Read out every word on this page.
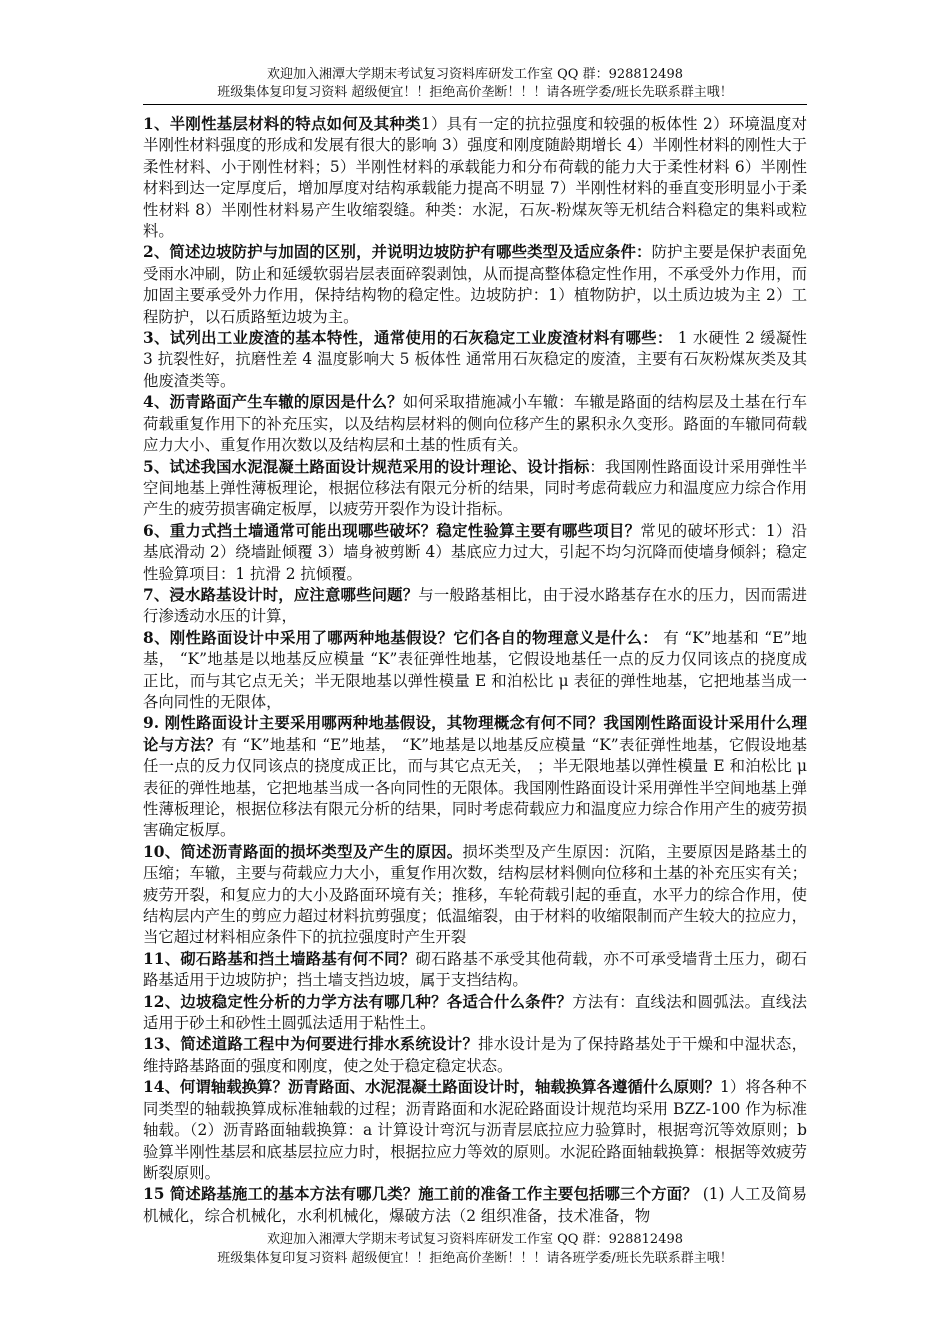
欢迎加入湘潭大学期末考试复习资料库研发工作室 QQ 群：928812498
班级集体复印复习资料 超级便宜！！拒绝高价垄断！！！请各班学委/班长先联系群主哦！

1、半刚性基层材料的特点如何及其种类1）具有一定的抗拉强度和较强的板体性 2）环境温度对半刚性材料强度的形成和发展有很大的影响 3）强度和刚度随龄期增长 4）半刚性材料的刚性大于柔性材料、小于刚性材料；5）半刚性材料的承载能力和分布荷载的能力大于柔性材料 6）半刚性材料到达一定厚度后，增加厚度对结构承载能力提高不明显 7）半刚性材料的垂直变形明显小于柔性材料 8）半刚性材料易产生收缩裂缝。种类：水泥，石灰-粉煤灰等无机结合料稳定的集料或粒料。

2、简述边坡防护与加固的区别，并说明边坡防护有哪些类型及适应条件：防护主要是保护表面免受雨水冲刷，防止和延缓软弱岩层表面碎裂剥蚀，从而提高整体稳定性作用，不承受外力作用，而加固主要承受外力作用，保持结构物的稳定性。边坡防护：1）植物防护，以土质边坡为主 2）工程防护，以石质路堑边坡为主。

3、试列出工业废渣的基本特性，通常使用的石灰稳定工业废渣材料有哪些： 1 水硬性 2 缓凝性 3 抗裂性好，抗磨性差 4 温度影响大 5 板体性 通常用石灰稳定的废渣，主要有石灰粉煤灰类及其他废渣类等。

4、沥青路面产生车辙的原因是什么？如何采取措施减小车辙：车辙是路面的结构层及土基在行车荷载重复作用下的补充压实，以及结构层材料的侧向位移产生的累积永久变形。路面的车辙同荷载应力大小、重复作用次数以及结构层和土基的性质有关。

5、试述我国水泥混凝土路面设计规范采用的设计理论、设计指标：我国刚性路面设计采用弹性半空间地基上弹性薄板理论，根据位移法有限元分析的结果，同时考虑荷载应力和温度应力综合作用产生的疲劳损害确定板厚，以疲劳开裂作为设计指标。

6、重力式挡土墙通常可能出现哪些破坏？稳定性验算主要有哪些项目？常见的破坏形式：1）沿基底滑动 2）绕墙趾倾覆 3）墙身被剪断 4）基底应力过大，引起不均匀沉降而使墙身倾斜；稳定性验算项目：1 抗滑 2 抗倾覆。

7、浸水路基设计时，应注意哪些问题？与一般路基相比，由于浸水路基存在水的压力，因而需进行渗透动水压的计算，

8、刚性路面设计中采用了哪两种地基假设？它们各自的物理意义是什么： 有 “K”地基和 “E”地基， “K”地基是以地基反应模量 “K”表征弹性地基，它假设地基任一点的反力仅同该点的挠度成正比，而与其它点无关；半无限地基以弹性模量 E 和泊松比 μ 表征的弹性地基，它把地基当成一各向同性的无限体，

9. 刚性路面设计主要采用哪两种地基假设，其物理概念有何不同？我国刚性路面设计采用什么理论与方法？有 “K”地基和 “E”地基， “K”地基是以地基反应模量 “K”表征弹性地基，它假设地基任一点的反力仅同该点的挠度成正比，而与其它点无关， ；半无限地基以弹性模量 E 和泊松比 μ 表征的弹性地基，它把地基当成一各向同性的无限体。我国刚性路面设计采用弹性半空间地基上弹性薄板理论，根据位移法有限元分析的结果，同时考虑荷载应力和温度应力综合作用产生的疲劳损害确定板厚。

10、简述沥青路面的损坏类型及产生的原因。损坏类型及产生原因：沉陷，主要原因是路基土的压缩；车辙，主要与荷载应力大小，重复作用次数，结构层材料侧向位移和土基的补充压实有关；疲劳开裂，和复应力的大小及路面环境有关；推移，车轮荷载引起的垂直，水平力的综合作用，使结构层内产生的剪应力超过材料抗剪强度；低温缩裂，由于材料的收缩限制而产生较大的拉应力，当它超过材料相应条件下的抗拉强度时产生开裂

11、砌石路基和挡土墙路基有何不同？砌石路基不承受其他荷载，亦不可承受墙背土压力，砌石路基适用于边坡防护；挡土墙支挡边坡，属于支挡结构。

12、边坡稳定性分析的力学方法有哪几种？各适合什么条件？方法有：直线法和圆弧法。直线法适用于砂土和砂性土圆弧法适用于粘性土。

13、简述道路工程中为何要进行排水系统设计？排水设计是为了保持路基处于干燥和中湿状态，维持路基路面的强度和刚度，使之处于稳定稳定状态。

14、何谓轴载换算？沥青路面、水泥混凝土路面设计时，轴载换算各遵循什么原则？1）将各种不同类型的轴载换算成标准轴载的过程；沥青路面和水泥砼路面设计规范均采用 BZZ-100 作为标准轴载。（2）沥青路面轴载换算：a 计算设计弯沉与沥青层底拉应力验算时，根据弯沉等效原则；b 验算半刚性基层和底基层拉应力时，根据拉应力等效的原则。水泥砼路面轴载换算：根据等效疲劳断裂原则。

15 简述路基施工的基本方法有哪几类？施工前的准备工作主要包括哪三个方面？ (1) 人工及简易机械化，综合机械化，水利机械化，爆破方法（2 组织准备，技术准备，物

欢迎加入湘潭大学期末考试复习资料库研发工作室 QQ 群：928812498
班级集体复印复习资料 超级便宜！！拒绝高价垄断！！！请各班学委/班长先联系群主哦！
